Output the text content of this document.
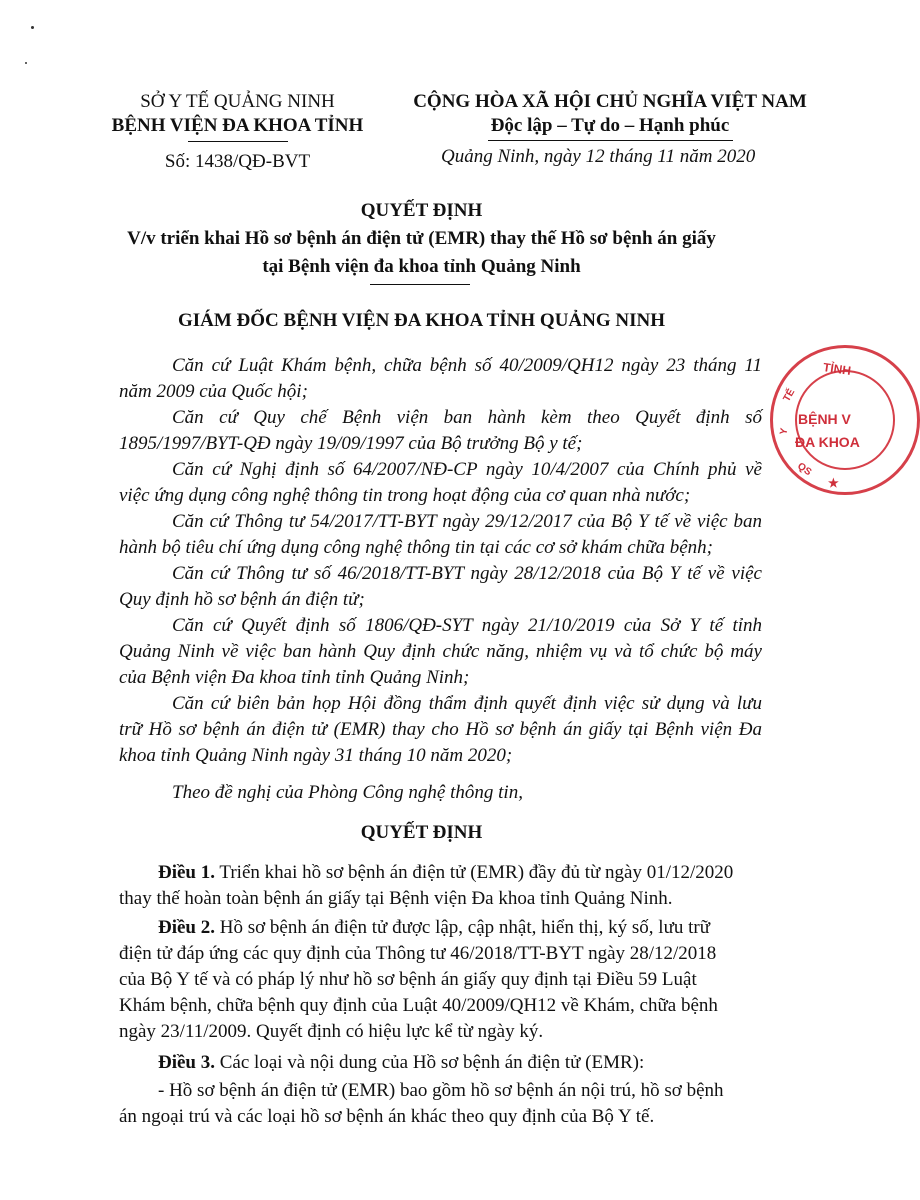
SỞ Y TẾ QUẢNG NINH
BỆNH VIỆN ĐA KHOA TỈNH
Số: 1438/QĐ-BVT
CỘNG HÒA XÃ HỘI CHỦ NGHĨA VIỆT NAM
Độc lập – Tự do – Hạnh phúc
Quảng Ninh, ngày 12 tháng 11 năm 2020
QUYẾT ĐỊNH
V/v triển khai Hồ sơ bệnh án điện tử (EMR) thay thế Hồ sơ bệnh án giấy
tại Bệnh viện đa khoa tỉnh Quảng Ninh
GIÁM ĐỐC BỆNH VIỆN ĐA KHOA TỈNH QUẢNG NINH
Căn cứ Luật Khám bệnh, chữa bệnh số 40/2009/QH12 ngày 23 tháng 11
năm 2009 của Quốc hội;
Căn cứ Quy chế Bệnh viện ban hành kèm theo Quyết định số
1895/1997/BYT-QĐ ngày 19/09/1997 của Bộ trưởng Bộ y tế;
Căn cứ Nghị định số 64/2007/NĐ-CP ngày 10/4/2007 của Chính phủ về
việc ứng dụng công nghệ thông tin trong hoạt động của cơ quan nhà nước;
Căn cứ Thông tư 54/2017/TT-BYT ngày 29/12/2017 của Bộ Y tế về việc ban
hành bộ tiêu chí ứng dụng công nghệ thông tin tại các cơ sở khám chữa bệnh;
Căn cứ Thông tư số 46/2018/TT-BYT ngày 28/12/2018 của Bộ Y tế về việc
Quy định hồ sơ bệnh án điện tử;
Căn cứ Quyết định số 1806/QĐ-SYT ngày 21/10/2019 của Sở Y tế tỉnh
Quảng Ninh về việc ban hành Quy định chức năng, nhiệm vụ và tổ chức bộ máy
của Bệnh viện Đa khoa tỉnh tỉnh Quảng Ninh;
Căn cứ biên bản họp Hội đồng thẩm định quyết định việc sử dụng và lưu
trữ Hồ sơ bệnh án điện tử (EMR) thay cho Hồ sơ bệnh án giấy tại Bệnh viện Đa
khoa tỉnh Quảng Ninh ngày 31 tháng 10 năm 2020;
Theo đề nghị của Phòng Công nghệ thông tin,
QUYẾT ĐỊNH
Điều 1. Triển khai hồ sơ bệnh án điện tử (EMR) đầy đủ từ ngày 01/12/2020
thay thế hoàn toàn bệnh án giấy tại Bệnh viện Đa khoa tỉnh Quảng Ninh.
Điều 2. Hồ sơ bệnh án điện tử được lập, cập nhật, hiển thị, ký số, lưu trữ
điện tử đáp ứng các quy định của Thông tư 46/2018/TT-BYT ngày 28/12/2018
của Bộ Y tế và có pháp lý như hồ sơ bệnh án giấy quy định tại Điều 59 Luật
Khám bệnh, chữa bệnh quy định của Luật 40/2009/QH12 về Khám, chữa bệnh
ngày 23/11/2009. Quyết định có hiệu lực kể từ ngày ký.
Điều 3. Các loại và nội dung của Hồ sơ bệnh án điện tử (EMR):
- Hồ sơ bệnh án điện tử (EMR) bao gồm hồ sơ bệnh án nội trú, hồ sơ bệnh
án ngoại trú và các loại hồ sơ bệnh án khác theo quy định của Bộ Y tế.
TỈNH
BỆNH V
ĐA KHOA
Y
TẾ
QS
★
